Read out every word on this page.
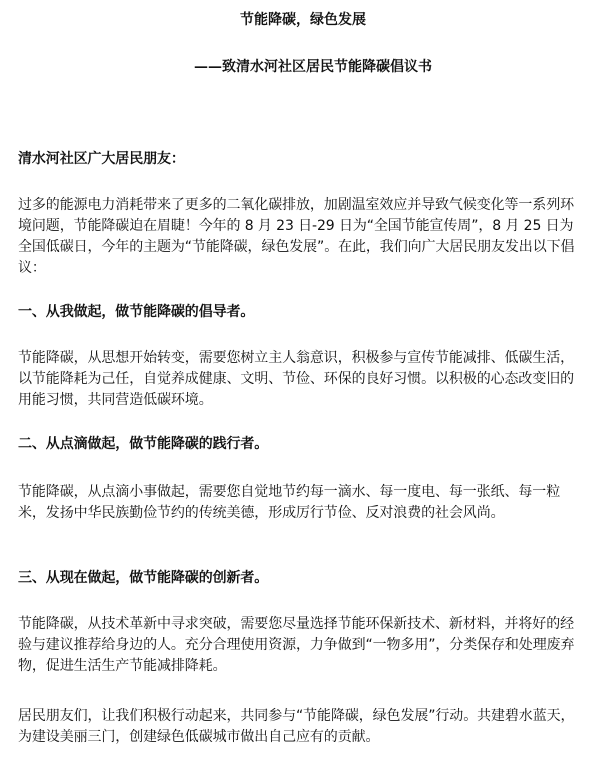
节能降碳，绿色发展
——致清水河社区居民节能降碳倡议书
清水河社区广大居民朋友：
过多的能源电力消耗带来了更多的二氧化碳排放，加剧温室效应并导致气候变化等一系列环境问题，节能降碳迫在眉睫！今年的 8 月 23 日-29 日为“全国节能宣传周”，8 月 25 日为全国低碳日，今年的主题为“节能降碳，绿色发展”。在此，我们向广大居民朋友发出以下倡议：
一、从我做起，做节能降碳的倡导者。
节能降碳，从思想开始转变，需要您树立主人翁意识，积极参与宣传节能减排、低碳生活，以节能降耗为己任，自觉养成健康、文明、节俭、环保的良好习惯。以积极的心态改变旧的用能习惯，共同营造低碳环境。
二、从点滴做起，做节能降碳的践行者。
节能降碳，从点滴小事做起，需要您自觉地节约每一滴水、每一度电、每一张纸、每一粒米，发扬中华民族勤俭节约的传统美德，形成厉行节俭、反对浪费的社会风尚。
三、从现在做起，做节能降碳的创新者。
节能降碳，从技术革新中寻求突破，需要您尽量选择节能环保新技术、新材料，并将好的经验与建议推荐给身边的人。充分合理使用资源，力争做到“一物多用”，分类保存和处理废弃物，促进生活生产节能减排降耗。
居民朋友们，让我们积极行动起来，共同参与“节能降碳，绿色发展”行动。共建碧水蓝天，为建设美丽三门，创建绿色低碳城市做出自己应有的贡献。
